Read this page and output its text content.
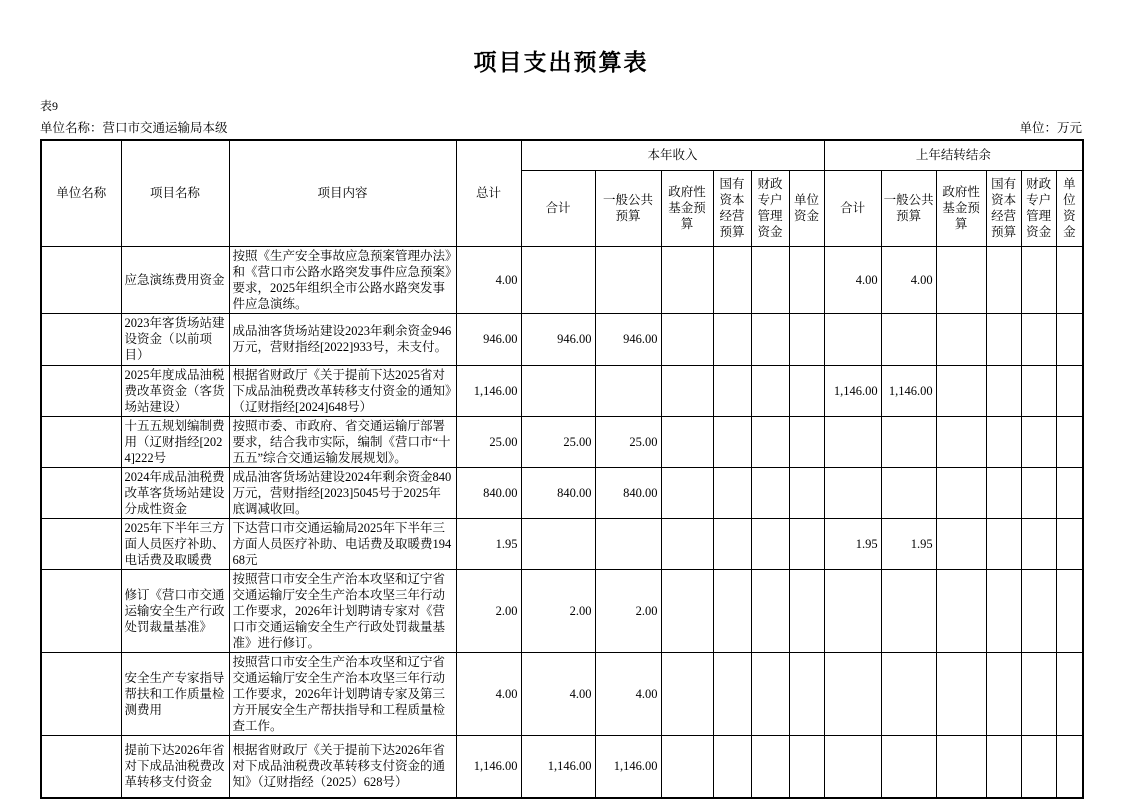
项目支出预算表
表9
单位名称：营口市交通运输局本级	单位：万元
单位名称	项目名称	项目内容	总计	本年收入						上年结转结余					
				合计	一般公共预算	政府性基金预算	国有资本经营预算	财政专户管理资金	单位资金	合计	一般公共预算	政府性基金预算	国有资本经营预算	财政专户管理资金	单位资金
	应急演练费用资金	按照《生产安全事故应急预案管理办法》和《营口市公路水路突发事件应急预案》要求，2025年组织全市公路水路突发事件应急演练。	4.00							4.00	4.00				
	2023年客货场站建设资金（以前项目）	成品油客货场站建设2023年剩余资金946万元，营财指经[2022]933号，未支付。	946.00	946.00	946.00										
	2025年度成品油税费改革资金（客货场站建设）	根据省财政厅《关于提前下达2025省对下成品油税费改革转移支付资金的通知》（辽财指经[2024]648号）	1,146.00							1,146.00	1,146.00				
	十五五规划编制费用（辽财指经[2024]222号	按照市委、市政府、省交通运输厅部署要求，结合我市实际，编制《营口市“十五五”综合交通运输发展规划》。	25.00	25.00	25.00										
	2024年成品油税费改革客货场站建设分成性资金	成品油客货场站建设2024年剩余资金840万元，营财指经[2023]5045号于2025年底调减收回。	840.00	840.00	840.00										
	2025年下半年三方面人员医疗补助、电话费及取暖费	下达营口市交通运输局2025年下半年三方面人员医疗补助、电话费及取暖费19468元	1.95							1.95	1.95				
	修订《营口市交通运输安全生产行政处罚裁量基准》	按照营口市安全生产治本攻坚和辽宁省交通运输厅安全生产治本攻坚三年行动工作要求，2026年计划聘请专家对《营口市交通运输安全生产行政处罚裁量基准》进行修订。	2.00	2.00	2.00										
	安全生产专家指导帮扶和工作质量检测费用	按照营口市安全生产治本攻坚和辽宁省交通运输厅安全生产治本攻坚三年行动工作要求，2026年计划聘请专家及第三方开展安全生产帮扶指导和工程质量检查工作。	4.00	4.00	4.00										
	提前下达2026年省对下成品油税费改革转移支付资金	根据省财政厅《关于提前下达2026年省对下成品油税费改革转移支付资金的通知》（辽财指经（2025）628号）	1,146.00	1,146.00	1,146.00										
